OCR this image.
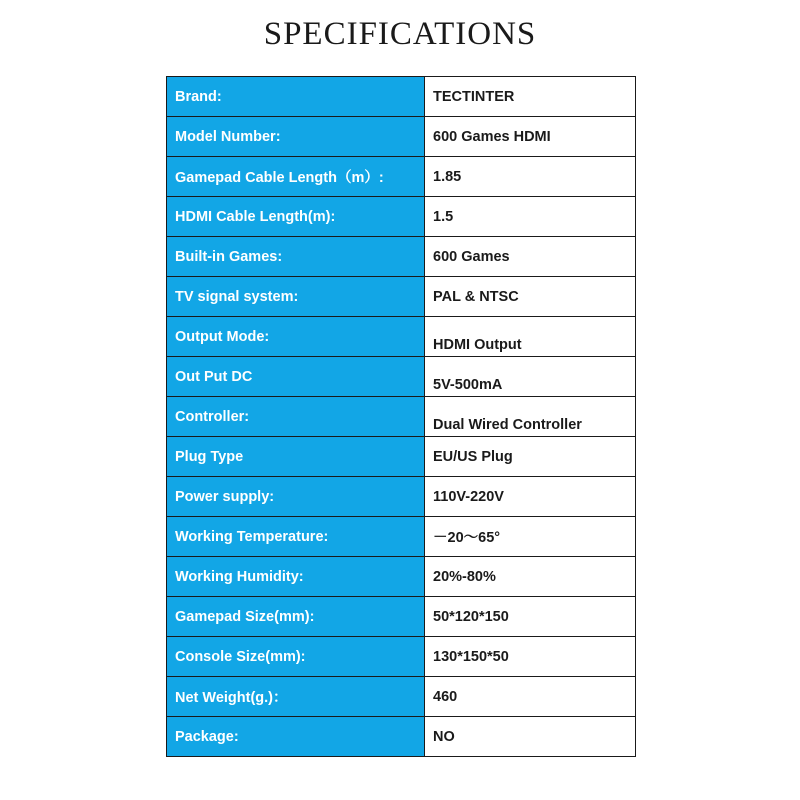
SPECIFICATIONS
Brand:	TECTINTER
Model Number:	600 Games HDMI
Gamepad Cable Length（m）:	1.85
HDMI Cable Length(m):	1.5
Built-in Games:	600 Games
TV signal system:	PAL & NTSC
Output Mode:	HDMI Output
Out Put DC	5V-500mA
Controller:	Dual Wired Controller
Plug Type	EU/US Plug
Power supply:	110V-220V
Working Temperature:	－20～65°
Working Humidity:	20%-80%
Gamepad Size(mm):	50*120*150
Console Size(mm):	130*150*50
Net Weight(g.)：	460
Package:	NO
